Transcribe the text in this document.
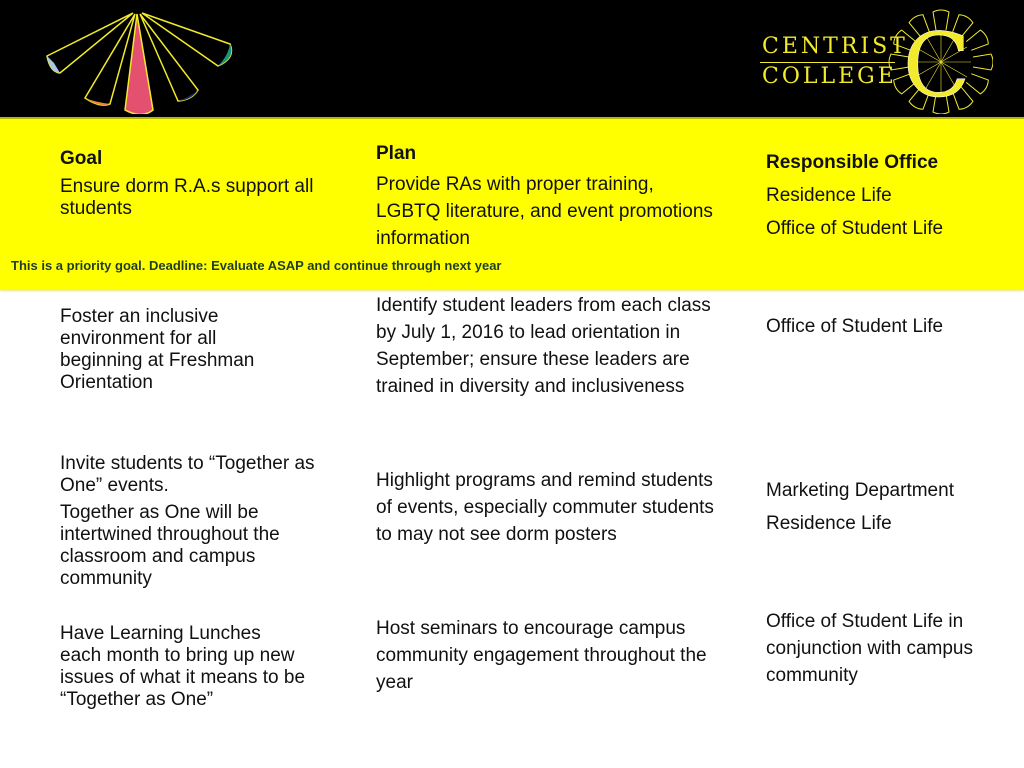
CENTRIST
COLLEGE C
Goal
Ensure dorm R.A.s support all students
Plan
Provide RAs with proper training, LGBTQ literature, and event promotions information
Responsible Office
Residence Life
Office of Student Life
This is a priority goal. Deadline: Evaluate ASAP and continue through next year
Foster an inclusive environment for all beginning at Freshman Orientation
Identify student leaders from each class by July 1, 2016 to lead orientation in September; ensure these leaders are trained in diversity and inclusiveness
Office of Student Life
Invite students to “Together as One” events.
Together as One will be intertwined throughout the classroom and campus community
Highlight programs and remind students of events, especially commuter students to may not see dorm posters
Marketing Department
Residence Life
Have Learning Lunches each month to bring up new issues of what it means to be “Together as One”
Host seminars to encourage campus community engagement throughout the year
Office of Student Life in conjunction with campus community
